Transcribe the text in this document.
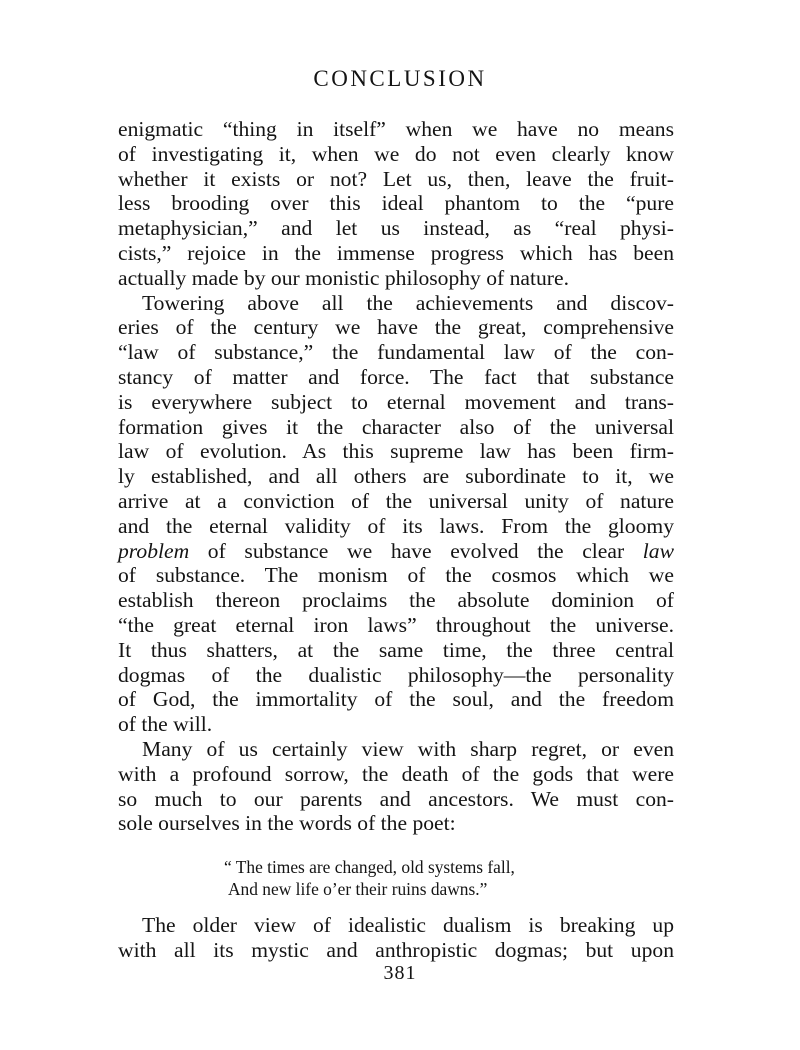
CONCLUSION
enigmatic “thing in itself” when we have no means
of investigating it, when we do not even clearly know
whether it exists or not? Let us, then, leave the fruit-
less brooding over this ideal phantom to the “pure
metaphysician,” and let us instead, as “real physi-
cists,” rejoice in the immense progress which has been
actually made by our monistic philosophy of nature.
Towering above all the achievements and discov-
eries of the century we have the great, comprehensive
“law of substance,” the fundamental law of the con-
stancy of matter and force. The fact that substance
is everywhere subject to eternal movement and trans-
formation gives it the character also of the universal
law of evolution. As this supreme law has been firm-
ly established, and all others are subordinate to it, we
arrive at a conviction of the universal unity of nature
and the eternal validity of its laws. From the gloomy
problem of substance we have evolved the clear law
of substance. The monism of the cosmos which we
establish thereon proclaims the absolute dominion of
“the great eternal iron laws” throughout the universe.
It thus shatters, at the same time, the three central
dogmas of the dualistic philosophy—the personality
of God, the immortality of the soul, and the freedom
of the will.
Many of us certainly view with sharp regret, or even
with a profound sorrow, the death of the gods that were
so much to our parents and ancestors. We must con-
sole ourselves in the words of the poet:
“ The times are changed, old systems fall,
And new life o’er their ruins dawns.”
The older view of idealistic dualism is breaking up
with all its mystic and anthropistic dogmas; but upon
381
